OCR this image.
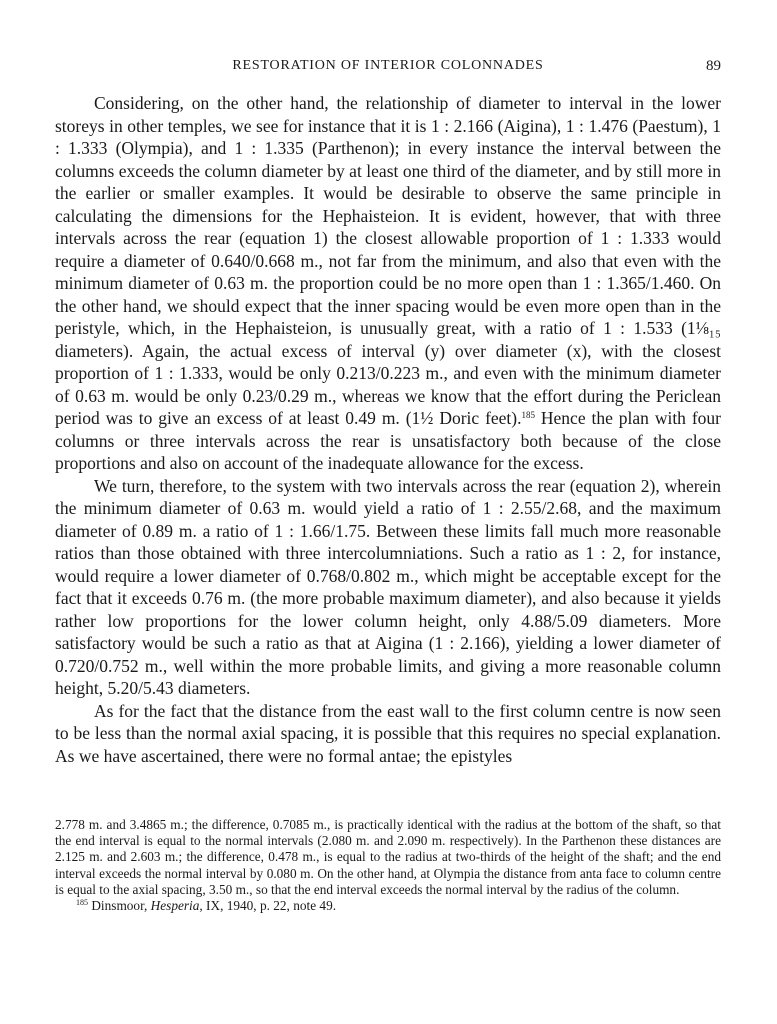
RESTORATION OF INTERIOR COLONNADES	89

Considering, on the other hand, the relationship of diameter to interval in the lower storeys in other temples, we see for instance that it is 1 : 2.166 (Aigina), 1 : 1.476 (Paestum), 1 : 1.333 (Olympia), and 1 : 1.335 (Parthenon); in every instance the interval between the columns exceeds the column diameter by at least one third of the diameter, and by still more in the earlier or smaller examples. It would be desirable to observe the same principle in calculating the dimensions for the Hephaisteion. It is evident, however, that with three intervals across the rear (equation 1) the closest allowable proportion of 1 : 1.333 would require a diameter of 0.640/0.668 m., not far from the minimum, and also that even with the minimum diameter of 0.63 m. the proportion could be no more open than 1 : 1.365/1.460. On the other hand, we should expect that the inner spacing would be even more open than in the peristyle, which, in the Hephaisteion, is unusually great, with a ratio of 1 : 1.533 (1⅛₁₅ diameters). Again, the actual excess of interval (y) over diameter (x), with the closest proportion of 1 : 1.333, would be only 0.213/0.223 m., and even with the minimum diameter of 0.63 m. would be only 0.23/0.29 m., whereas we know that the effort during the Periclean period was to give an excess of at least 0.49 m. (1½ Doric feet).$^{185}$ Hence the plan with four columns or three intervals across the rear is unsatisfactory both because of the close proportions and also on account of the inadequate allowance for the excess.

We turn, therefore, to the system with two intervals across the rear (equation 2), wherein the minimum diameter of 0.63 m. would yield a ratio of 1 : 2.55/2.68, and the maximum diameter of 0.89 m. a ratio of 1 : 1.66/1.75. Between these limits fall much more reasonable ratios than those obtained with three intercolumniations. Such a ratio as 1 : 2, for instance, would require a lower diameter of 0.768/0.802 m., which might be acceptable except for the fact that it exceeds 0.76 m. (the more probable maximum diameter), and also because it yields rather low proportions for the lower column height, only 4.88/5.09 diameters. More satisfactory would be such a ratio as that at Aigina (1 : 2.166), yielding a lower diameter of 0.720/0.752 m., well within the more probable limits, and giving a more reasonable column height, 5.20/5.43 diameters.

As for the fact that the distance from the east wall to the first column centre is now seen to be less than the normal axial spacing, it is possible that this requires no special explanation. As we have ascertained, there were no formal antae; the epistyles

2.778 m. and 3.4865 m.; the difference, 0.7085 m., is practically identical with the radius at the bottom of the shaft, so that the end interval is equal to the normal intervals (2.080 m. and 2.090 m. respectively). In the Parthenon these distances are 2.125 m. and 2.603 m.; the difference, 0.478 m., is equal to the radius at two-thirds of the height of the shaft; and the end interval exceeds the normal interval by 0.080 m. On the other hand, at Olympia the distance from anta face to column centre is equal to the axial spacing, 3.50 m., so that the end interval exceeds the normal interval by the radius of the column.

$^{185}$ Dinsmoor, Hesperia, IX, 1940, p. 22, note 49.
